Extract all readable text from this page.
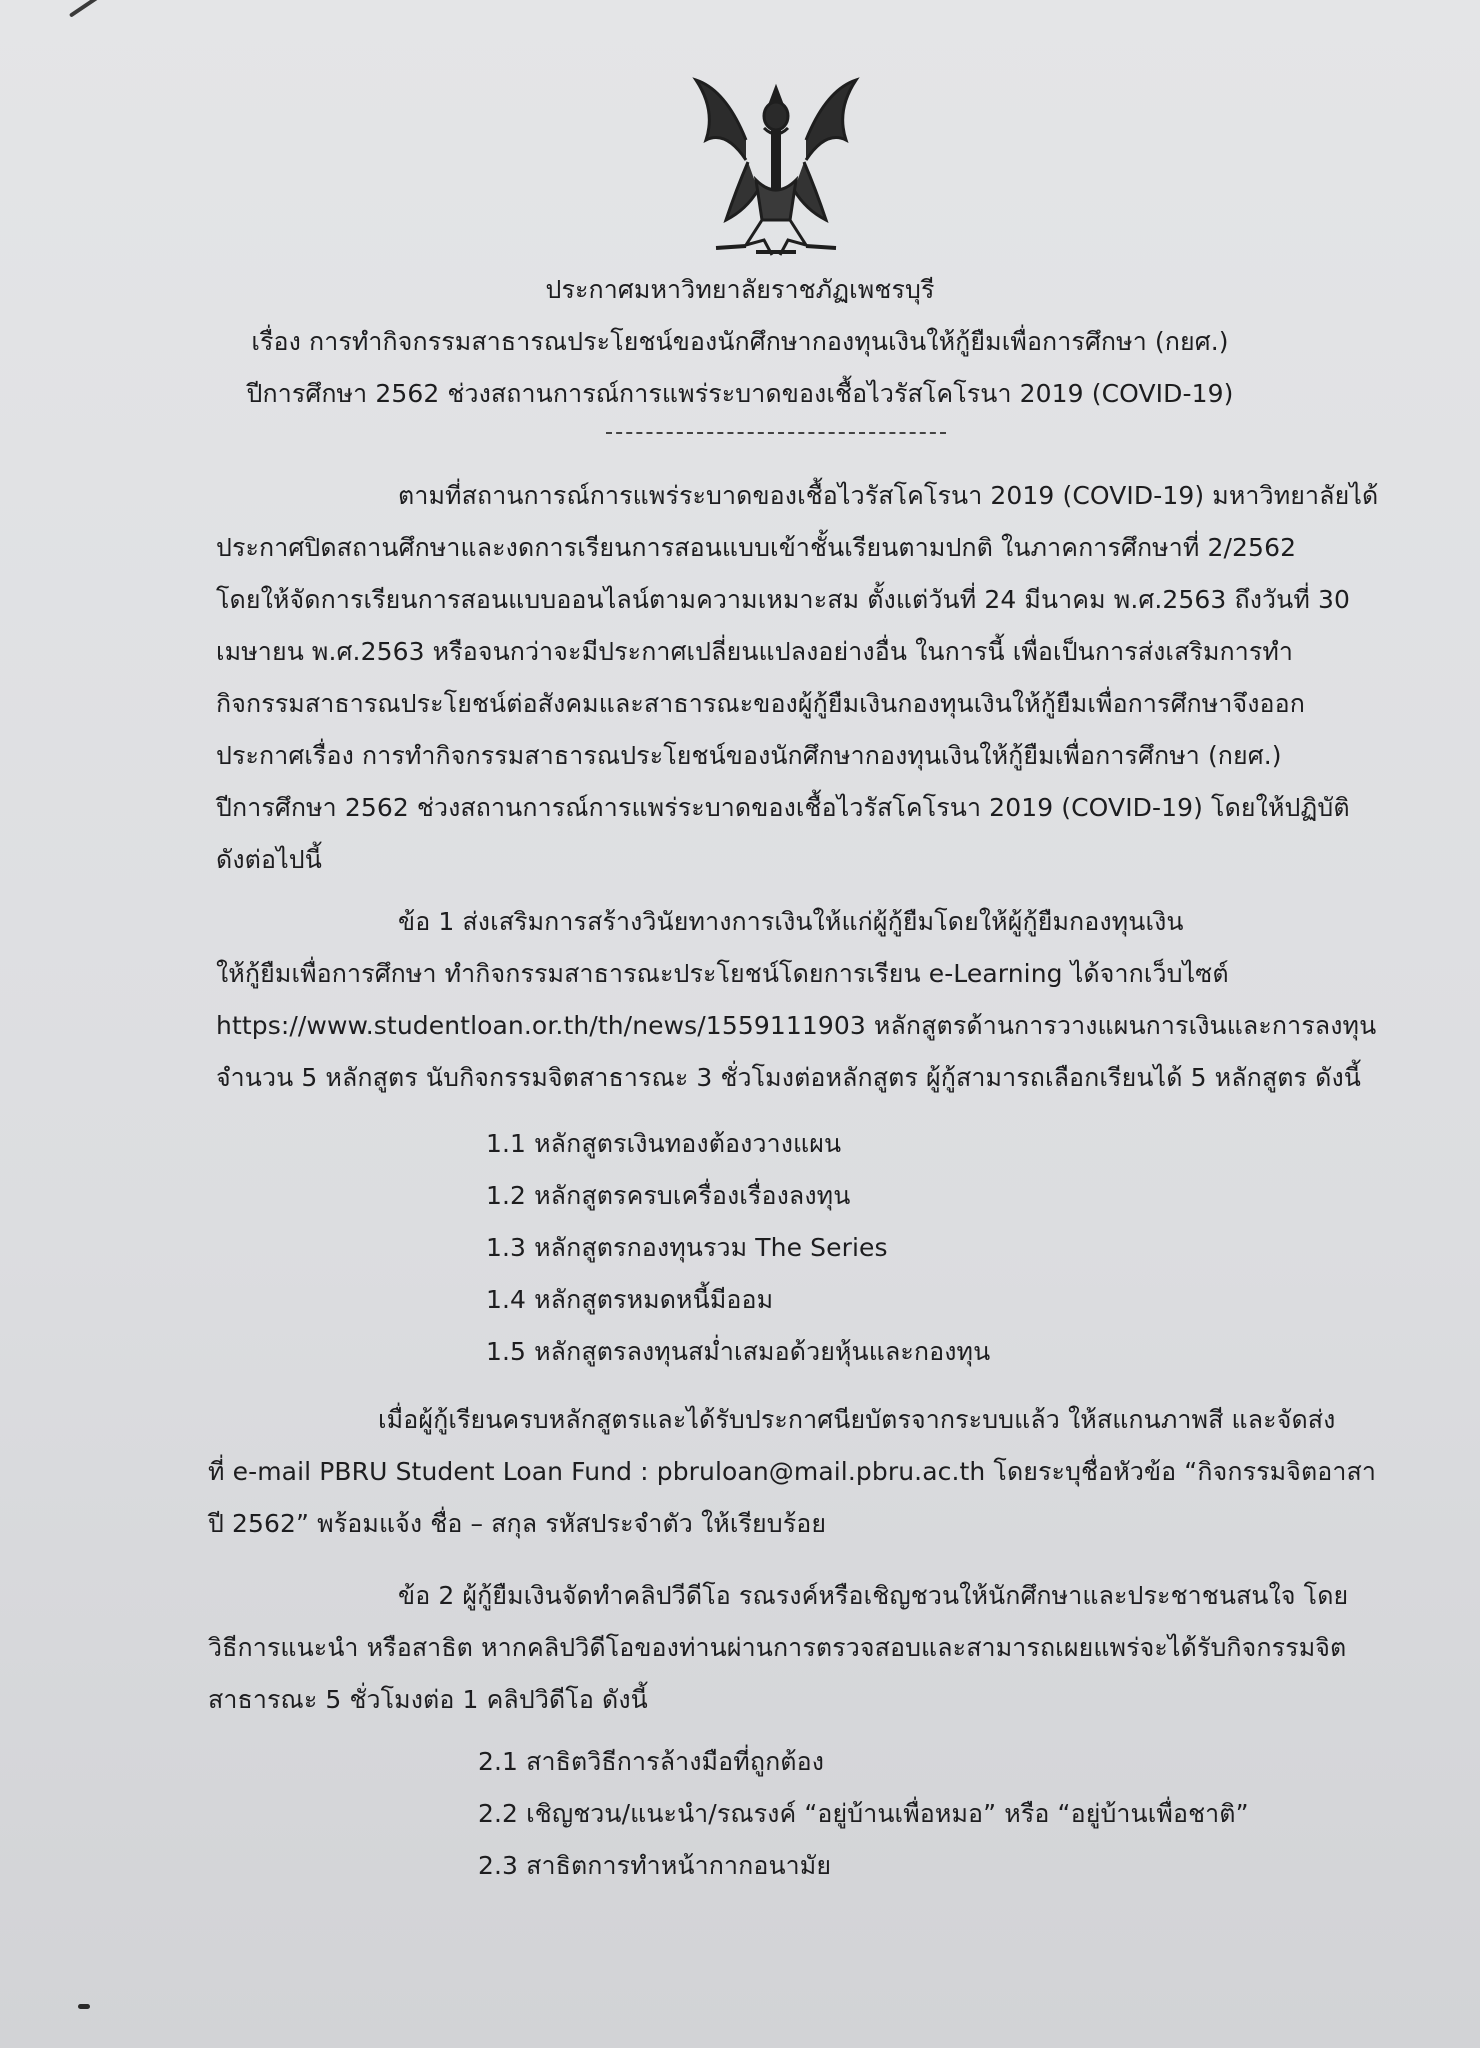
ประกาศมหาวิทยาลัยราชภัฏเพชรบุรี
เรื่อง การทำกิจกรรมสาธารณประโยชน์ของนักศึกษากองทุนเงินให้กู้ยืมเพื่อการศึกษา (กยศ.)
ปีการศึกษา 2562 ช่วงสถานการณ์การแพร่ระบาดของเชื้อไวรัสโคโรนา 2019 (COVID-19)
ตามที่สถานการณ์การแพร่ระบาดของเชื้อไวรัสโคโรนา 2019 (COVID-19) มหาวิทยาลัยได้
ประกาศปิดสถานศึกษาและงดการเรียนการสอนแบบเข้าชั้นเรียนตามปกติ ในภาคการศึกษาที่ 2/2562
โดยให้จัดการเรียนการสอนแบบออนไลน์ตามความเหมาะสม ตั้งแต่วันที่ 24 มีนาคม พ.ศ.2563 ถึงวันที่ 30
เมษายน พ.ศ.2563 หรือจนกว่าจะมีประกาศเปลี่ยนแปลงอย่างอื่น ในการนี้ เพื่อเป็นการส่งเสริมการทำ
กิจกรรมสาธารณประโยชน์ต่อสังคมและสาธารณะของผู้กู้ยืมเงินกองทุนเงินให้กู้ยืมเพื่อการศึกษาจึงออก
ประกาศเรื่อง การทำกิจกรรมสาธารณประโยชน์ของนักศึกษากองทุนเงินให้กู้ยืมเพื่อการศึกษา (กยศ.)
ปีการศึกษา 2562 ช่วงสถานการณ์การแพร่ระบาดของเชื้อไวรัสโคโรนา 2019 (COVID-19) โดยให้ปฏิบัติ
ดังต่อไปนี้
ข้อ 1 ส่งเสริมการสร้างวินัยทางการเงินให้แก่ผู้กู้ยืมโดยให้ผู้กู้ยืมกองทุนเงิน
ให้กู้ยืมเพื่อการศึกษา ทำกิจกรรมสาธารณะประโยชน์โดยการเรียน e-Learning ได้จากเว็บไซต์
https://www.studentloan.or.th/th/news/1559111903 หลักสูตรด้านการวางแผนการเงินและการลงทุน
จำนวน 5 หลักสูตร นับกิจกรรมจิตสาธารณะ 3 ชั่วโมงต่อหลักสูตร ผู้กู้สามารถเลือกเรียนได้ 5 หลักสูตร ดังนี้
1.1 หลักสูตรเงินทองต้องวางแผน
1.2 หลักสูตรครบเครื่องเรื่องลงทุน
1.3 หลักสูตรกองทุนรวม The Series
1.4 หลักสูตรหมดหนี้มีออม
1.5 หลักสูตรลงทุนสม่ำเสมอด้วยหุ้นและกองทุน
เมื่อผู้กู้เรียนครบหลักสูตรและได้รับประกาศนียบัตรจากระบบแล้ว ให้สแกนภาพสี และจัดส่ง
ที่ e-mail PBRU Student Loan Fund : pbruloan@mail.pbru.ac.th โดยระบุชื่อหัวข้อ “กิจกรรมจิตอาสา
ปี 2562” พร้อมแจ้ง ชื่อ – สกุล รหัสประจำตัว ให้เรียบร้อย
ข้อ 2 ผู้กู้ยืมเงินจัดทำคลิปวีดีโอ รณรงค์หรือเชิญชวนให้นักศึกษาและประชาชนสนใจ โดย
วิธีการแนะนำ หรือสาธิต หากคลิปวิดีโอของท่านผ่านการตรวจสอบและสามารถเผยแพร่จะได้รับกิจกรรมจิต
สาธารณะ 5 ชั่วโมงต่อ 1 คลิปวิดีโอ ดังนี้
2.1 สาธิตวิธีการล้างมือที่ถูกต้อง
2.2 เชิญชวน/แนะนำ/รณรงค์ “อยู่บ้านเพื่อหมอ” หรือ “อยู่บ้านเพื่อชาติ”
2.3 สาธิตการทำหน้ากากอนามัย
